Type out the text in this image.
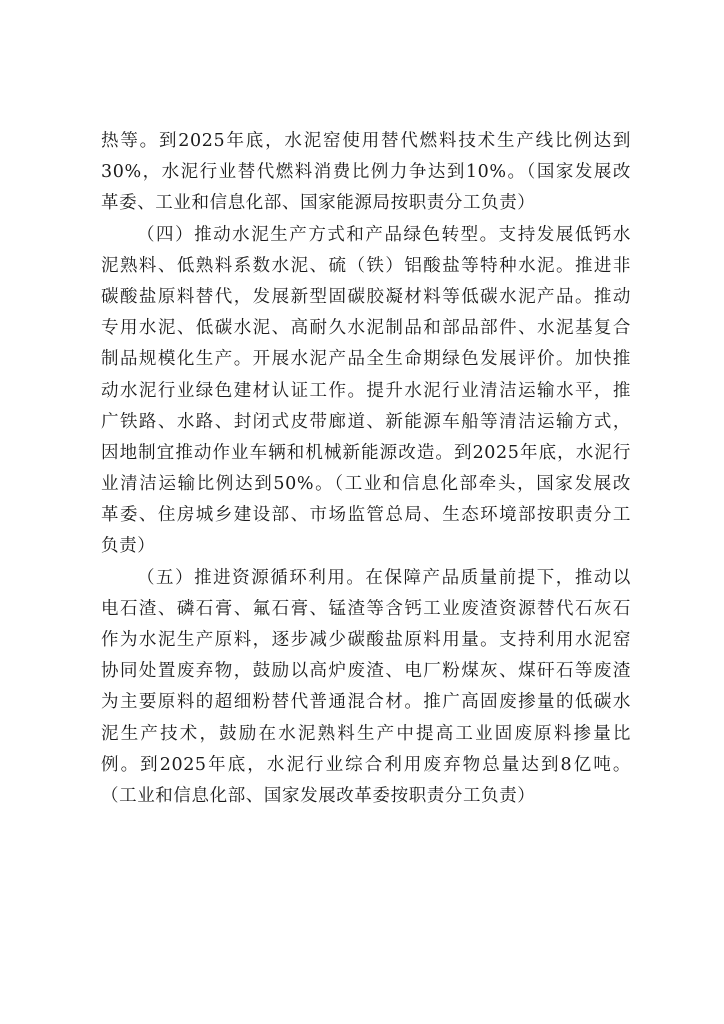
热等。到2025年底，水泥窑使用替代燃料技术生产线比例达到
30%，水泥行业替代燃料消费比例力争达到10%。（国家发展改
革委、工业和信息化部、国家能源局按职责分工负责）
（四）推动水泥生产方式和产品绿色转型。支持发展低钙水
泥熟料、低熟料系数水泥、硫（铁）铝酸盐等特种水泥。推进非
碳酸盐原料替代，发展新型固碳胶凝材料等低碳水泥产品。推动
专用水泥、低碳水泥、高耐久水泥制品和部品部件、水泥基复合
制品规模化生产。开展水泥产品全生命期绿色发展评价。加快推
动水泥行业绿色建材认证工作。提升水泥行业清洁运输水平，推
广铁路、水路、封闭式皮带廊道、新能源车船等清洁运输方式，
因地制宜推动作业车辆和机械新能源改造。到2025年底，水泥行
业清洁运输比例达到50%。（工业和信息化部牵头，国家发展改
革委、住房城乡建设部、市场监管总局、生态环境部按职责分工
负责）
（五）推进资源循环利用。在保障产品质量前提下，推动以
电石渣、磷石膏、氟石膏、锰渣等含钙工业废渣资源替代石灰石
作为水泥生产原料，逐步减少碳酸盐原料用量。支持利用水泥窑
协同处置废弃物，鼓励以高炉废渣、电厂粉煤灰、煤矸石等废渣
为主要原料的超细粉替代普通混合材。推广高固废掺量的低碳水
泥生产技术，鼓励在水泥熟料生产中提高工业固废原料掺量比
例。到2025年底，水泥行业综合利用废弃物总量达到8亿吨。
（工业和信息化部、国家发展改革委按职责分工负责）
